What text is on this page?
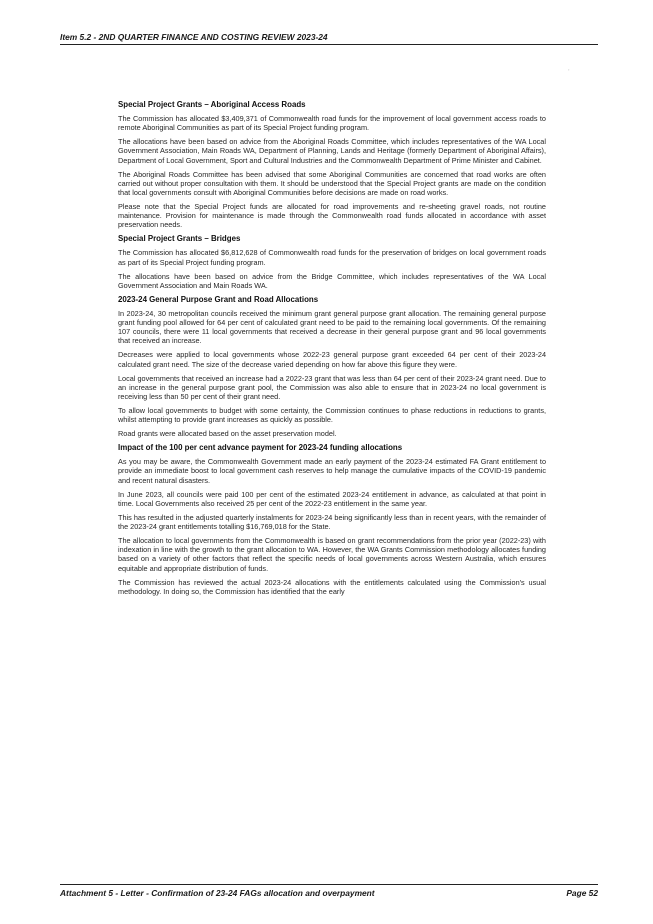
Item 5.2 - 2ND QUARTER FINANCE AND COSTING REVIEW 2023-24
,
Special Project Grants – Aboriginal Access Roads

The Commission has allocated $3,409,371 of Commonwealth road funds for the improvement of local government access roads to remote Aboriginal Communities as part of its Special Project funding program.

The allocations have been based on advice from the Aboriginal Roads Committee, which includes representatives of the WA Local Government Association, Main Roads WA, Department of Planning, Lands and Heritage (formerly Department of Aboriginal Affairs), Department of Local Government, Sport and Cultural Industries and the Commonwealth Department of Prime Minister and Cabinet.

The Aboriginal Roads Committee has been advised that some Aboriginal Communities are concerned that road works are often carried out without proper consultation with them. It should be understood that the Special Project grants are made on the condition that local governments consult with Aboriginal Communities before decisions are made on road works.

Please note that the Special Project funds are allocated for road improvements and re-sheeting gravel roads, not routine maintenance. Provision for maintenance is made through the Commonwealth road funds allocated in accordance with asset preservation needs.

Special Project Grants – Bridges

The Commission has allocated $6,812,628 of Commonwealth road funds for the preservation of bridges on local government roads as part of its Special Project funding program.

The allocations have been based on advice from the Bridge Committee, which includes representatives of the WA Local Government Association and Main Roads WA.

2023-24 General Purpose Grant and Road Allocations

In 2023-24, 30 metropolitan councils received the minimum grant general purpose grant allocation. The remaining general purpose grant funding pool allowed for 64 per cent of calculated grant need to be paid to the remaining local governments. Of the remaining 107 councils, there were 11 local governments that received a decrease in their general purpose grant and 96 local governments that received an increase.

Decreases were applied to local governments whose 2022-23 general purpose grant exceeded 64 per cent of their 2023-24 calculated grant need. The size of the decrease varied depending on how far above this figure they were.

Local governments that received an increase had a 2022-23 grant that was less than 64 per cent of their 2023-24 grant need. Due to an increase in the general purpose grant pool, the Commission was also able to ensure that in 2023-24 no local government is receiving less than 50 per cent of their grant need.

To allow local governments to budget with some certainty, the Commission continues to phase reductions in reductions to grants, whilst attempting to provide grant increases as quickly as possible.

Road grants were allocated based on the asset preservation model.

Impact of the 100 per cent advance payment for 2023-24 funding allocations

As you may be aware, the Commonwealth Government made an early payment of the 2023-24 estimated FA Grant entitlement to provide an immediate boost to local government cash reserves to help manage the cumulative impacts of the COVID-19 pandemic and recent natural disasters.

In June 2023, all councils were paid 100 per cent of the estimated 2023-24 entitlement in advance, as calculated at that point in time. Local Governments also received 25 per cent of the 2022-23 entitlement in the same year.

This has resulted in the adjusted quarterly instalments for 2023-24 being significantly less than in recent years, with the remainder of the 2023-24 grant entitlements totalling $16,769,018 for the State.

The allocation to local governments from the Commonwealth is based on grant recommendations from the prior year (2022-23) with indexation in line with the growth to the grant allocation to WA. However, the WA Grants Commission methodology allocates funding based on a variety of other factors that reflect the specific needs of local governments across Western Australia, which ensures equitable and appropriate distribution of funds.

The Commission has reviewed the actual 2023-24 allocations with the entitlements calculated using the Commission's usual methodology. In doing so, the Commission has identified that the early

Attachment 5 - Letter - Confirmation of 23-24 FAGs allocation and overpayment	Page 52
